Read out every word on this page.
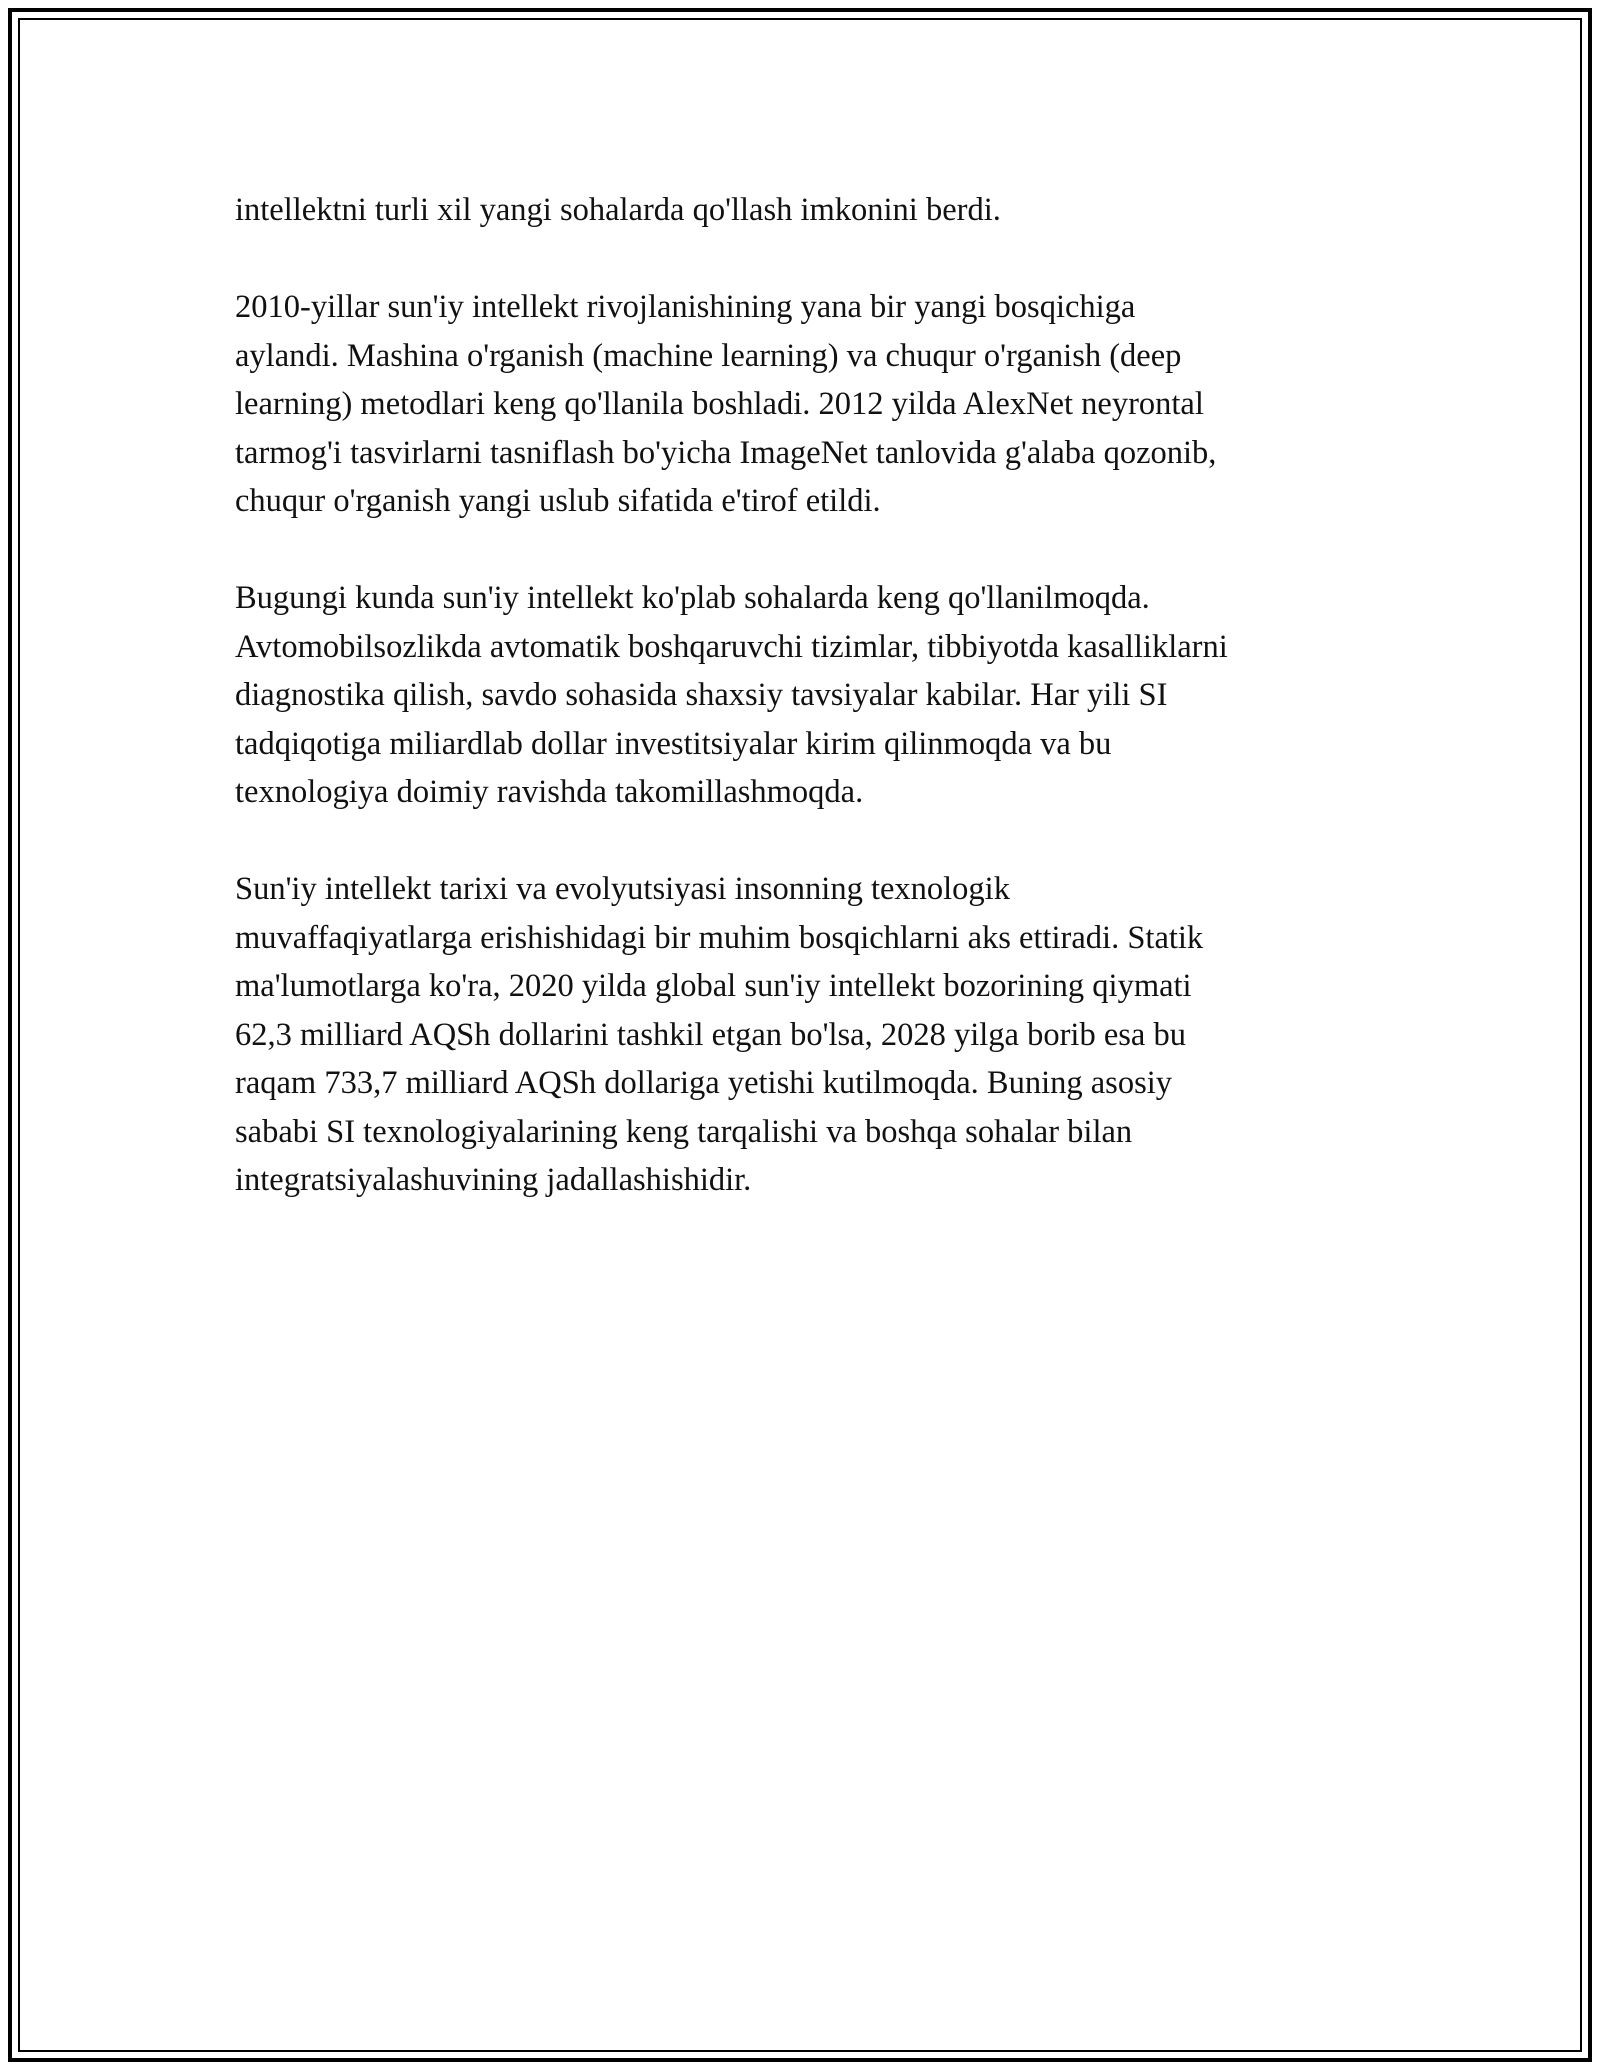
intellektni turli xil yangi sohalarda qo'llash imkonini berdi.

2010-yillar sun'iy intellekt rivojlanishining yana bir yangi bosqichiga
aylandi. Mashina o'rganish (machine learning) va chuqur o'rganish (deep
learning) metodlari keng qo'llanila boshladi. 2012 yilda AlexNet neyrontal
tarmog'i tasvirlarni tasniflash bo'yicha ImageNet tanlovida g'alaba qozonib,
chuqur o'rganish yangi uslub sifatida e'tirof etildi.

Bugungi kunda sun'iy intellekt ko'plab sohalarda keng qo'llanilmoqda.
Avtomobilsozlikda avtomatik boshqaruvchi tizimlar, tibbiyotda kasalliklarni
diagnostika qilish, savdo sohasida shaxsiy tavsiyalar kabilar. Har yili SI
tadqiqotiga miliardlab dollar investitsiyalar kirim qilinmoqda va bu
texnologiya doimiy ravishda takomillashmoqda.

Sun'iy intellekt tarixi va evolyutsiyasi insonning texnologik
muvaffaqiyatlarga erishishidagi bir muhim bosqichlarni aks ettiradi. Statik
ma'lumotlarga ko'ra, 2020 yilda global sun'iy intellekt bozorining qiymati
62,3 milliard AQSh dollarini tashkil etgan bo'lsa, 2028 yilga borib esa bu
raqam 733,7 milliard AQSh dollariga yetishi kutilmoqda. Buning asosiy
sababi SI texnologiyalarining keng tarqalishi va boshqa sohalar bilan
integratsiyalashuvining jadallashishidir.
